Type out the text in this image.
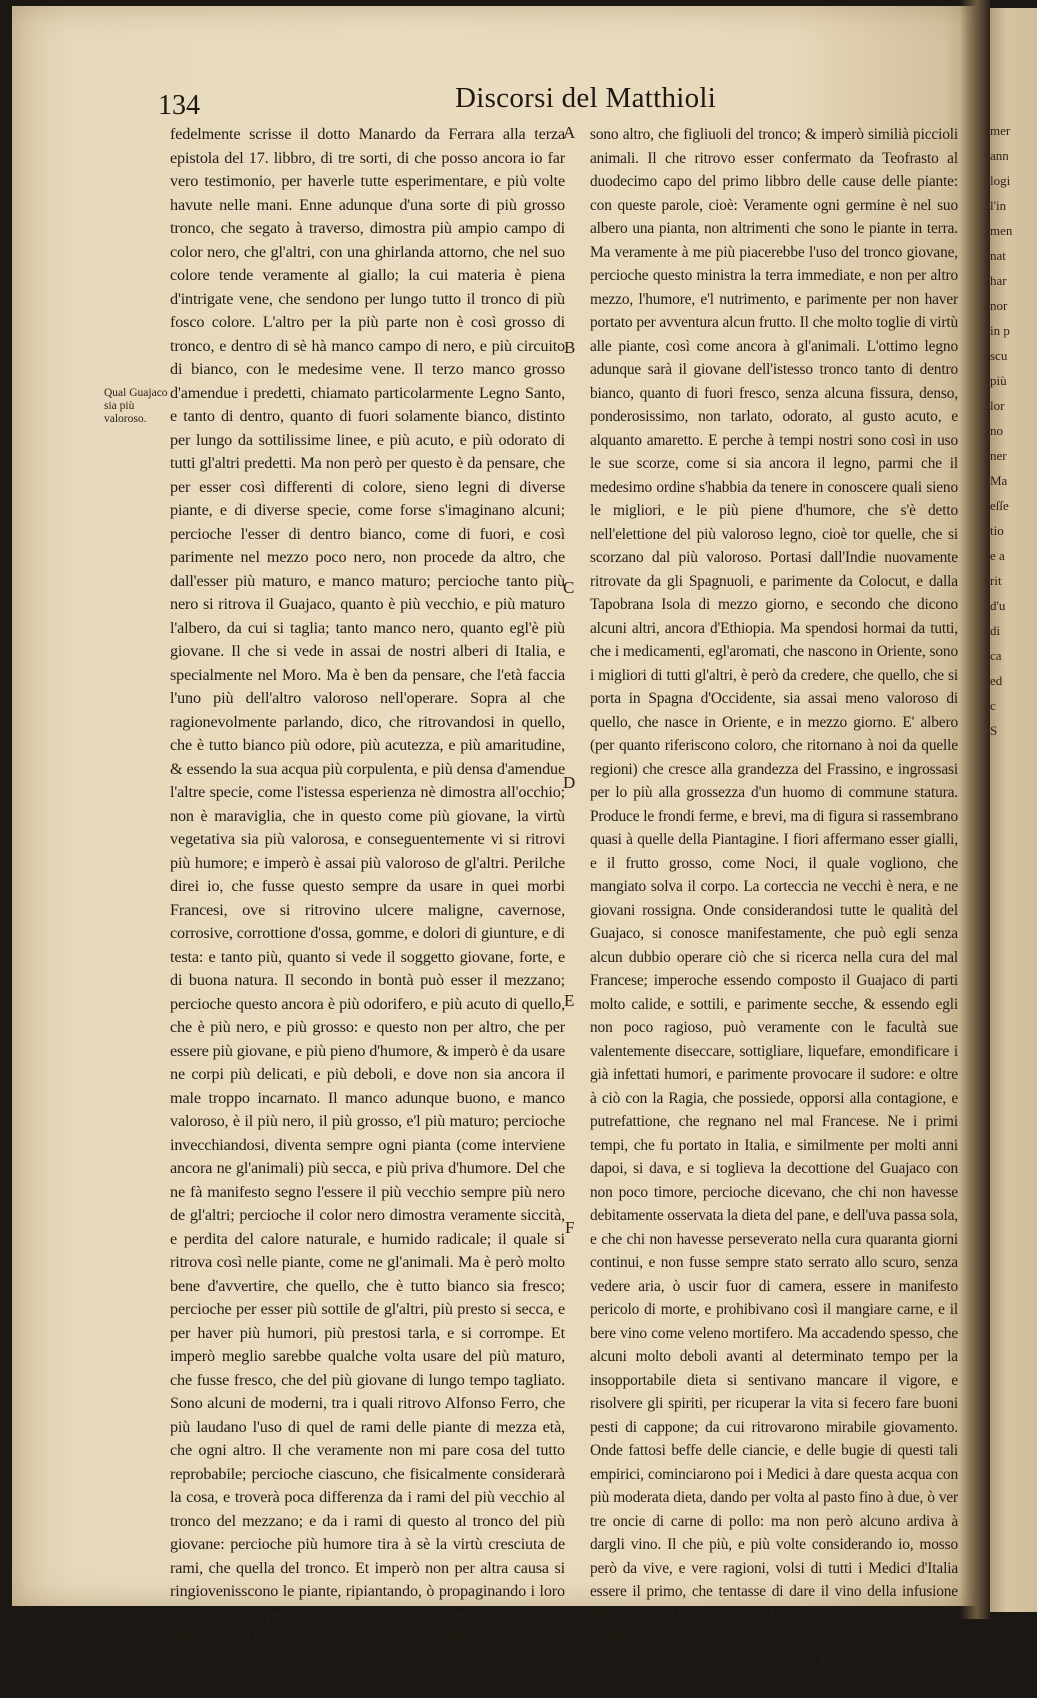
mer
ann
logi
l'in
men
nat
har
nor
in p
scu
più
lor
no
ner
Ma
eſſe
tio
e a
rit
d'u
di
ca
ed
c
S
134	Discorsi del Matthioli
Qual Guajaco sia più valoroso.
A
B
C
D
E
F

fedelmente scrisse il dotto Manardo da Ferrara alla terza epistola del 17. libbro, di tre sorti, di che posso ancora io far vero testimonio, per haverle tutte esperimentare, e più volte havute nelle mani. Enne adunque d'una sorte di più grosso tronco, che segato à traverso, dimostra più ampio campo di color nero, che gl'altri, con una ghirlanda attorno, che nel suo colore tende veramente al giallo; la cui materia è piena d'intrigate vene, che sendono per lungo tutto il tronco di più fosco colore. L'altro per la più parte non è così grosso di tronco, e dentro di sè hà manco campo di nero, e più circuito di bianco, con le medesime vene. Il terzo manco grosso d'amendue i predetti, chiamato particolarmente Legno Santo, e tanto di dentro, quanto di fuori solamente bianco, distinto per lungo da sottilissime linee, e più acuto, e più odorato di tutti gl'altri predetti. Ma non però per questo è da pensare, che per esser così differenti di colore, sieno legni di diverse piante, e di diverse specie, come forse s'imaginano alcuni; percioche l'esser di dentro bianco, come di fuori, e così parimente nel mezzo poco nero, non procede da altro, che dall'esser più maturo, e manco maturo; percioche tanto più nero si ritrova il Guajaco, quanto è più vecchio, e più maturo l'albero, da cui si taglia; tanto manco nero, quanto egl'è più giovane. Il che si vede in assai de nostri alberi di Italia, e specialmente nel Moro. Ma è ben da pensare, che l'età faccia l'uno più dell'altro valoroso nell'operare. Sopra al che ragionevolmente parlando, dico, che ritrovandosi in quello, che è tutto bianco più odore, più acutezza, e più amaritudine, & essendo la sua acqua più corpulenta, e più densa d'amendue l'altre specie, come l'istessa esperienza nè dimostra all'occhio; non è maraviglia, che in questo come più giovane, la virtù vegetativa sia più valorosa, e conseguentemente vi si ritrovi più humore; e imperò è assai più valoroso de gl'altri. Perilche direi io, che fusse questo sempre da usare in quei morbi Francesi, ove si ritrovino ulcere maligne, cavernose, corrosive, corrottione d'ossa, gomme, e dolori di giunture, e di testa: e tanto più, quanto si vede il soggetto giovane, forte, e di buona natura. Il secondo in bontà può esser il mezzano; percioche questo ancora è più odorifero, e più acuto di quello, che è più nero, e più grosso: e questo non per altro, che per essere più giovane, e più pieno d'humore, & imperò è da usare ne corpi più delicati, e più deboli, e dove non sia ancora il male troppo incarnato. Il manco adunque buono, e manco valoroso, è il più nero, il più grosso, e'l più maturo; percioche invecchiandosi, diventa sempre ogni pianta (come interviene ancora ne gl'animali) più secca, e più priva d'humore. Del che ne fà manifesto segno l'essere il più vecchio sempre più nero de gl'altri; percioche il color nero dimostra veramente siccità, e perdita del calore naturale, e humido radicale; il quale si ritrova così nelle piante, come ne gl'animali. Ma è però molto bene d'avvertire, che quello, che è tutto bianco sia fresco; percioche per esser più sottile de gl'altri, più presto si secca, e per haver più humori, più prestosi tarla, e si corrompe. Et imperò meglio sarebbe qualche volta usare del più maturo, che fusse fresco, che del più giovane di lungo tempo tagliato. Sono alcuni de moderni, tra i quali ritrovo Alfonso Ferro, che più laudano l'uso di quel de rami delle piante di mezza età, che ogni altro. Il che veramente non mi pare cosa del tutto reprobabile; percioche ciascuno, che fisicalmente considerarà la cosa, e troverà poca differenza da i rami del più vecchio al tronco del mezzano; e da i rami di questo al tronco del più giovane: percioche più humore tira à sè la virtù cresciuta de rami, che quella del tronco. Et imperò non per altra causa si ringiovenisscono le piante, ripiantando, ò propaginando i loro rami, se non perche hanno in sè quel medesimo humido radicale, che hanno i giovani; percioche i rami non

sono altro, che figliuoli del tronco; & imperò similià piccioli animali. Il che ritrovo esser confermato da Teofrasto al duodecimo capo del primo libbro delle cause delle piante: con queste parole, cioè: Veramente ogni germine è nel suo albero una pianta, non altrimenti che sono le piante in terra. Ma veramente à me più piacerebbe l'uso del tronco giovane, percioche questo ministra la terra immediate, e non per altro mezzo, l'humore, e'l nutrimento, e parimente per non haver portato per avventura alcun frutto. Il che molto toglie di virtù alle piante, così come ancora à gl'animali. L'ottimo legno adunque sarà il giovane dell'istesso tronco tanto di dentro bianco, quanto di fuori fresco, senza alcuna fissura, denso, ponderosissimo, non tarlato, odorato, al gusto acuto, e alquanto amaretto. E perche à tempi nostri sono così in uso le sue scorze, come si sia ancora il legno, parmi che il medesimo ordine s'habbia da tenere in conoscere quali sieno le migliori, e le più piene d'humore, che s'è detto nell'elettione del più valoroso legno, cioè tor quelle, che si scorzano dal più valoroso. Portasi dall'Indie nuovamente ritrovate da gli Spagnuoli, e parimente da Colocut, e dalla Tapobrana Isola di mezzo giorno, e secondo che dicono alcuni altri, ancora d'Ethiopia. Ma spendosi hormai da tutti, che i medicamenti, egl'aromati, che nascono in Oriente, sono i migliori di tutti gl'altri, è però da credere, che quello, che si porta in Spagna d'Occidente, sia assai meno valoroso di quello, che nasce in Oriente, e in mezzo giorno. E' albero (per quanto riferiscono coloro, che ritornano à noi da quelle regioni) che cresce alla grandezza del Frassino, e ingrossasi per lo più alla grossezza d'un huomo di commune statura. Produce le frondi ferme, e brevi, ma di figura si rassembrano quasi à quelle della Piantagine. I fiori affermano esser gialli, e il frutto grosso, come Noci, il quale vogliono, che mangiato solva il corpo. La corteccia ne vecchi è nera, e ne giovani rossigna. Onde considerandosi tutte le qualità del Guajaco, si conosce manifestamente, che può egli senza alcun dubbio operare ciò che si ricerca nella cura del mal Francese; imperoche essendo composto il Guajaco di parti molto calide, e sottili, e parimente secche, & essendo egli non poco ragioso, può veramente con le facultà sue valentemente diseccare, sottigliare, liquefare, emondificare i già infettati humori, e parimente provocare il sudore: e oltre à ciò con la Ragia, che possiede, opporsi alla contagione, e putrefattione, che regnano nel mal Francese. Ne i primi tempi, che fu portato in Italia, e similmente per molti anni dapoi, si dava, e si toglieva la decottione del Guajaco con non poco timore, percioche dicevano, che chi non havesse debitamente osservata la dieta del pane, e dell'uva passa sola, e che chi non havesse perseverato nella cura quaranta giorni continui, e non fusse sempre stato serrato allo scuro, senza vedere aria, ò uscir fuor di camera, essere in manifesto pericolo di morte, e prohibivano così il mangiare carne, e il bere vino come veleno mortifero. Ma accadendo spesso, che alcuni molto deboli avanti al determinato tempo per la insopportabile dieta si sentivano mancare il vigore, e risolvere gli spiriti, per ricuperar la vita si fecero fare buoni pesti di cappone; da cui ritrovarono mirabile giovamento. Onde fattosi beffe delle ciancie, e delle bugie di questi tali empirici, cominciarono poi i Medici à dare questa acqua con più moderata dieta, dando per volta al pasto fino à due, ò ver tre oncie di carne di pollo: ma non però alcuno ardiva à dargli vino. Il che più, e più volte considerando io, mosso però da vive, e vere ragioni, volsi di tutti i Medici d'Italia essere il primo, che tentasse di dare il vino della infusione del legno nella cura del mal Francese. Il che succedendomi meglio nelle materie, e complessioni frigide, che la decottione sola dell'acqua, fù causa di farmene far publica men-
